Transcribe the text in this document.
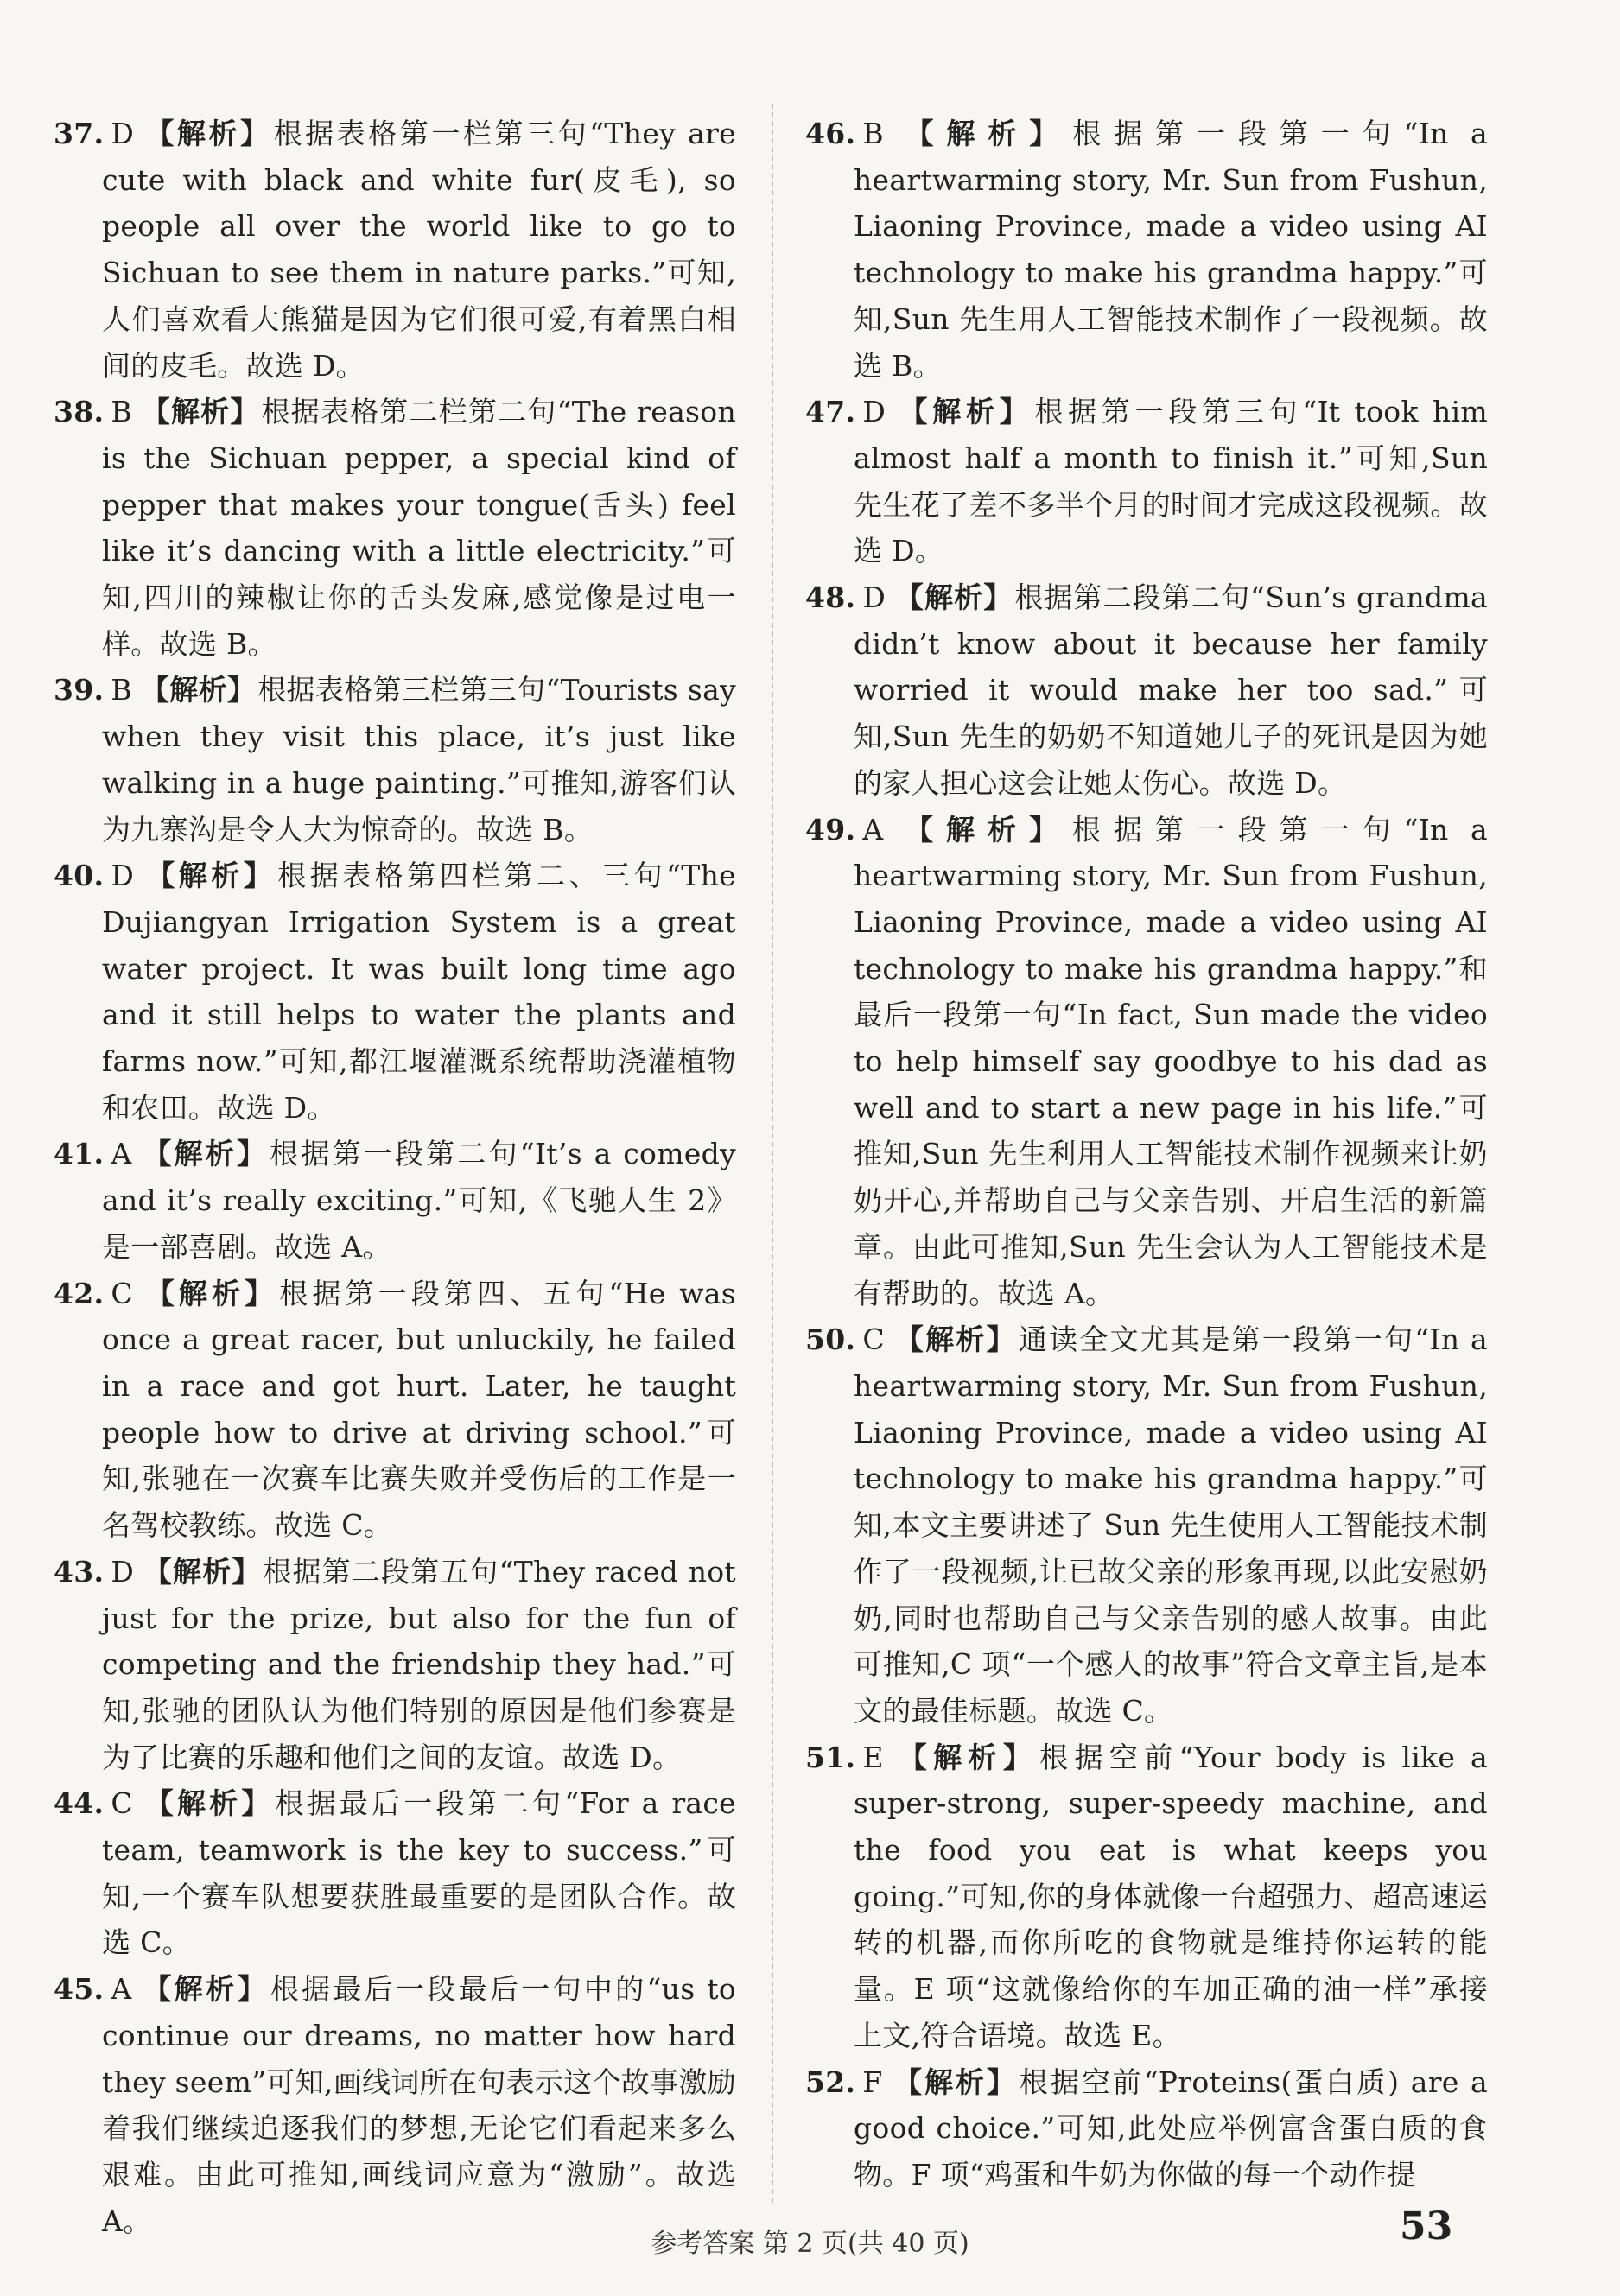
37. D 【解析】根据表格第一栏第三句“They are cute with black and white fur(皮毛), so people all over the world like to go to Sichuan to see them in nature parks.”可知,人们喜欢看大熊猫是因为它们很可爱,有着黑白相间的皮毛。故选 D。
38. B 【解析】根据表格第二栏第二句“The reason is the Sichuan pepper, a special kind of pepper that makes your tongue(舌头) feel like it’s dancing with a little electricity.”可知,四川的辣椒让你的舌头发麻,感觉像是过电一样。故选 B。
39. B 【解析】根据表格第三栏第三句“Tourists say when they visit this place, it’s just like walking in a huge painting.”可推知,游客们认为九寨沟是令人大为惊奇的。故选 B。
40. D 【解析】根据表格第四栏第二、三句“The Dujiangyan Irrigation System is a great water project. It was built long time ago and it still helps to water the plants and farms now.”可知,都江堰灌溉系统帮助浇灌植物和农田。故选 D。
41. A 【解析】根据第一段第二句“It’s a comedy and it’s really exciting.”可知,《飞驰人生 2》是一部喜剧。故选 A。
42. C 【解析】根据第一段第四、五句“He was once a great racer, but unluckily, he failed in a race and got hurt. Later, he taught people how to drive at driving school.”可知,张驰在一次赛车比赛失败并受伤后的工作是一名驾校教练。故选 C。
43. D 【解析】根据第二段第五句“They raced not just for the prize, but also for the fun of competing and the friendship they had.”可知,张驰的团队认为他们特别的原因是他们参赛是为了比赛的乐趣和他们之间的友谊。故选 D。
44. C 【解析】根据最后一段第二句“For a race team, teamwork is the key to success.”可知,一个赛车队想要获胜最重要的是团队合作。故选 C。
45. A 【解析】根据最后一段最后一句中的“us to continue our dreams, no matter how hard they seem”可知,画线词所在句表示这个故事激励着我们继续追逐我们的梦想,无论它们看起来多么艰难。由此可推知,画线词应意为“激励”。故选 A。
46. B 【解析】根据第一段第一句“In a heartwarming story, Mr. Sun from Fushun, Liaoning Province, made a video using AI technology to make his grandma happy.”可知,Sun 先生用人工智能技术制作了一段视频。故选 B。
47. D 【解析】根据第一段第三句“It took him almost half a month to finish it.”可知,Sun 先生花了差不多半个月的时间才完成这段视频。故选 D。
48. D 【解析】根据第二段第二句“Sun’s grandma didn’t know about it because her family worried it would make her too sad.”可知,Sun 先生的奶奶不知道她儿子的死讯是因为她的家人担心这会让她太伤心。故选 D。
49. A 【解析】根据第一段第一句“In a heartwarming story, Mr. Sun from Fushun, Liaoning Province, made a video using AI technology to make his grandma happy.”和最后一段第一句“In fact, Sun made the video to help himself say goodbye to his dad as well and to start a new page in his life.”可推知,Sun 先生利用人工智能技术制作视频来让奶奶开心,并帮助自己与父亲告别、开启生活的新篇章。由此可推知,Sun 先生会认为人工智能技术是有帮助的。故选 A。
50. C 【解析】通读全文尤其是第一段第一句“In a heartwarming story, Mr. Sun from Fushun, Liaoning Province, made a video using AI technology to make his grandma happy.”可知,本文主要讲述了 Sun 先生使用人工智能技术制作了一段视频,让已故父亲的形象再现,以此安慰奶奶,同时也帮助自己与父亲告别的感人故事。由此可推知,C 项“一个感人的故事”符合文章主旨,是本文的最佳标题。故选 C。
51. E 【解析】根据空前“Your body is like a super-strong, super-speedy machine, and the food you eat is what keeps you going.”可知,你的身体就像一台超强力、超高速运转的机器,而你所吃的食物就是维持你运转的能量。E 项“这就像给你的车加正确的油一样”承接上文,符合语境。故选 E。
52. F 【解析】根据空前“Proteins(蛋白质) are a good choice.”可知,此处应举例富含蛋白质的食物。F 项“鸡蛋和牛奶为你做的每一个动作提
参考答案 第 2 页(共 40 页)	53
